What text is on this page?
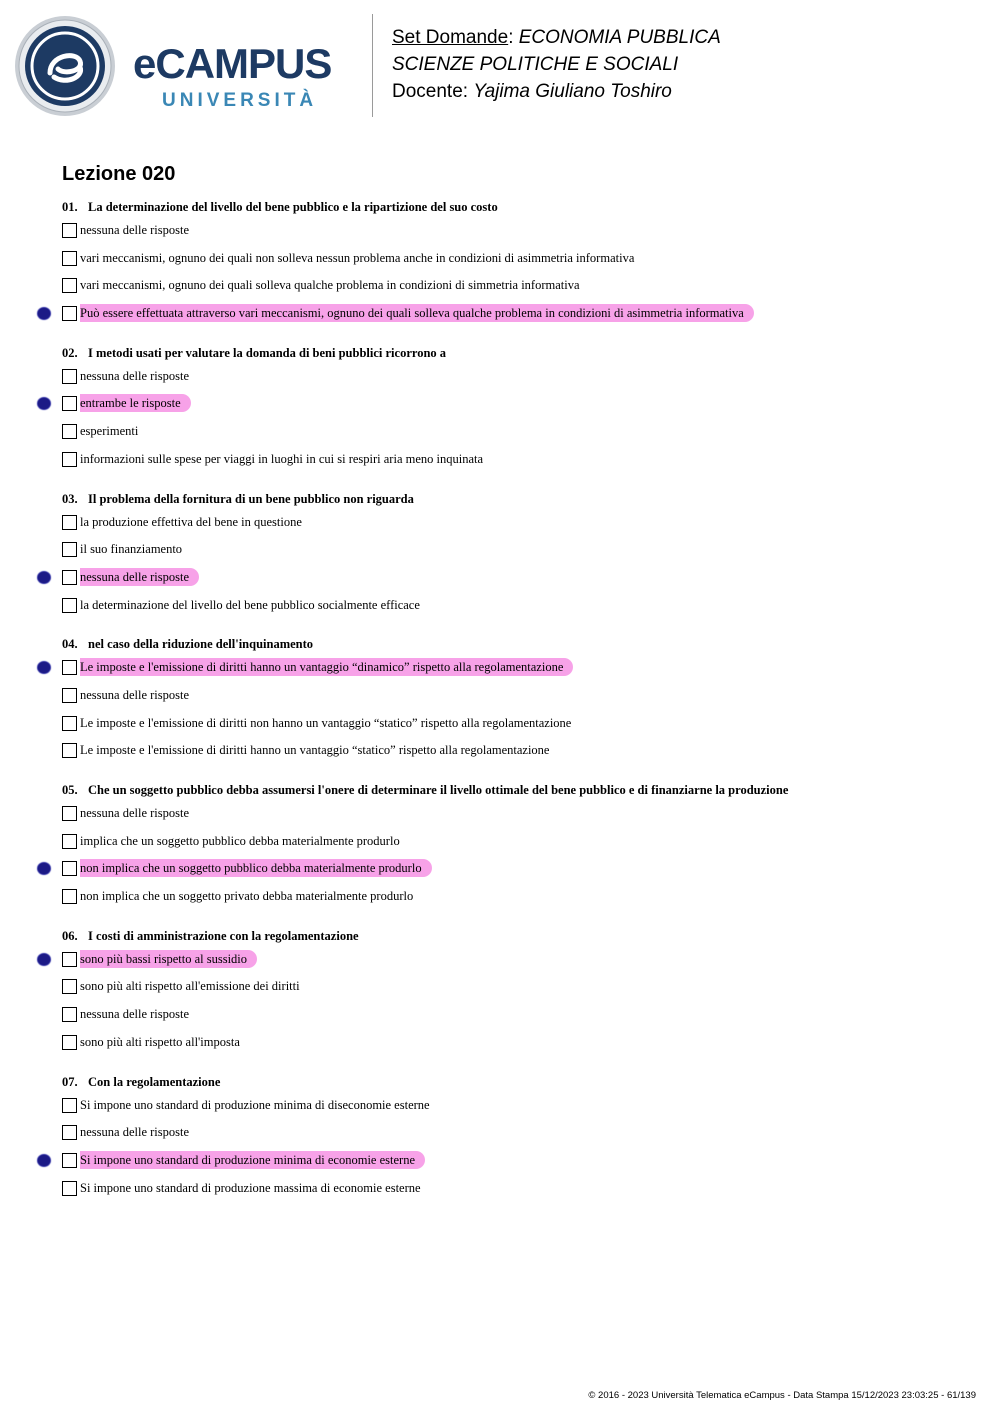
eCAMPUS
UNIVERSITÀ
Set Domande: ECONOMIA PUBBLICA
SCIENZE POLITICHE E SOCIALI
Docente: Yajima Giuliano Toshiro
Lezione 020
01. La determinazione del livello del bene pubblico e la ripartizione del suo costo
nessuna delle risposte
vari meccanismi, ognuno dei quali non solleva nessun problema anche in condizioni di asimmetria informativa
vari meccanismi, ognuno dei quali solleva qualche problema in condizioni di simmetria informativa
Può essere effettuata attraverso vari meccanismi, ognuno dei quali solleva qualche problema in condizioni di asimmetria informativa
02. I metodi usati per valutare la domanda di beni pubblici ricorrono a
nessuna delle risposte
entrambe le risposte
esperimenti
informazioni sulle spese per viaggi in luoghi in cui si respiri aria meno inquinata
03. Il problema della fornitura di un bene pubblico non riguarda
la produzione effettiva del bene in questione
il suo finanziamento
nessuna delle risposte
la determinazione del livello del bene pubblico socialmente efficace
04. nel caso della riduzione dell'inquinamento
Le imposte e l'emissione di diritti hanno un vantaggio “dinamico” rispetto alla regolamentazione
nessuna delle risposte
Le imposte e l'emissione di diritti non hanno un vantaggio “statico” rispetto alla regolamentazione
Le imposte e l'emissione di diritti hanno un vantaggio “statico” rispetto alla regolamentazione
05. Che un soggetto pubblico debba assumersi l'onere di determinare il livello ottimale del bene pubblico e di finanziarne la produzione
nessuna delle risposte
implica che un soggetto pubblico debba materialmente produrlo
non implica che un soggetto pubblico debba materialmente produrlo
non implica che un soggetto privato debba materialmente produrlo
06. I costi di amministrazione con la regolamentazione
sono più bassi rispetto al sussidio
sono più alti rispetto all'emissione dei diritti
nessuna delle risposte
sono più alti rispetto all'imposta
07. Con la regolamentazione
Si impone uno standard di produzione minima di diseconomie esterne
nessuna delle risposte
Si impone uno standard di produzione minima di economie esterne
Si impone uno standard di produzione massima di economie esterne
© 2016 - 2023 Università Telematica eCampus - Data Stampa 15/12/2023 23:03:25 - 61/139
